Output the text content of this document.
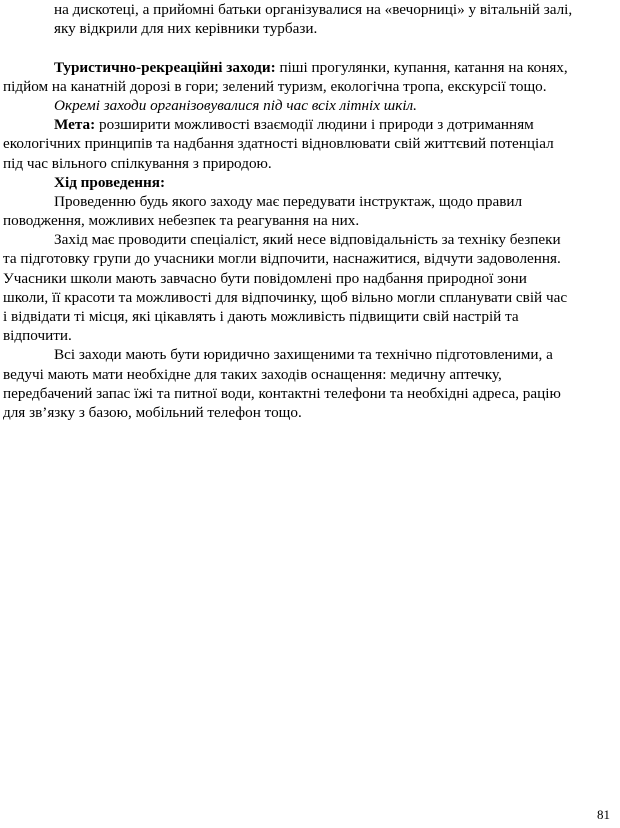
на дискотеці, а прийомні батьки організувалися на «вечорниці» у вітальній залі,
яку відкрили для них керівники турбази.
Туристично-рекреаційні заходи: піші прогулянки, купання, катання на конях,
підйом на канатній дорозі в гори; зелений туризм, екологічна тропа, екскурсії тощо.
Окремі заходи організовувалися під час всіх літніх шкіл.
Мета: розширити можливості взаємодії людини і природи з дотриманням
екологічних принципів та надбання здатності відновлювати свій життєвий потенціал
під час вільного спілкування з природою.
Хід проведення:
Проведенню будь якого заходу має передувати інструктаж, щодо правил
поводження, можливих небезпек та реагування на них.
Захід має проводити спеціаліст, який несе відповідальність за техніку безпеки
та підготовку групи до учасники могли відпочити, наснажитися, відчути задоволення.
Учасники школи мають завчасно бути повідомлені про надбання природної зони
школи, її красоти та можливості для відпочинку, щоб вільно могли спланувати свій час
і відвідати ті місця, які цікавлять і дають можливість підвищити свій настрій та
відпочити.
Всі заходи мають бути юридично захищеними та технічно підготовленими, а
ведучі мають мати необхідне для таких заходів оснащення: медичну аптечку,
передбачений запас їжі та питної води, контактні телефони та необхідні адреса, рацію
для зв’язку з базою, мобільний телефон тощо.
81
